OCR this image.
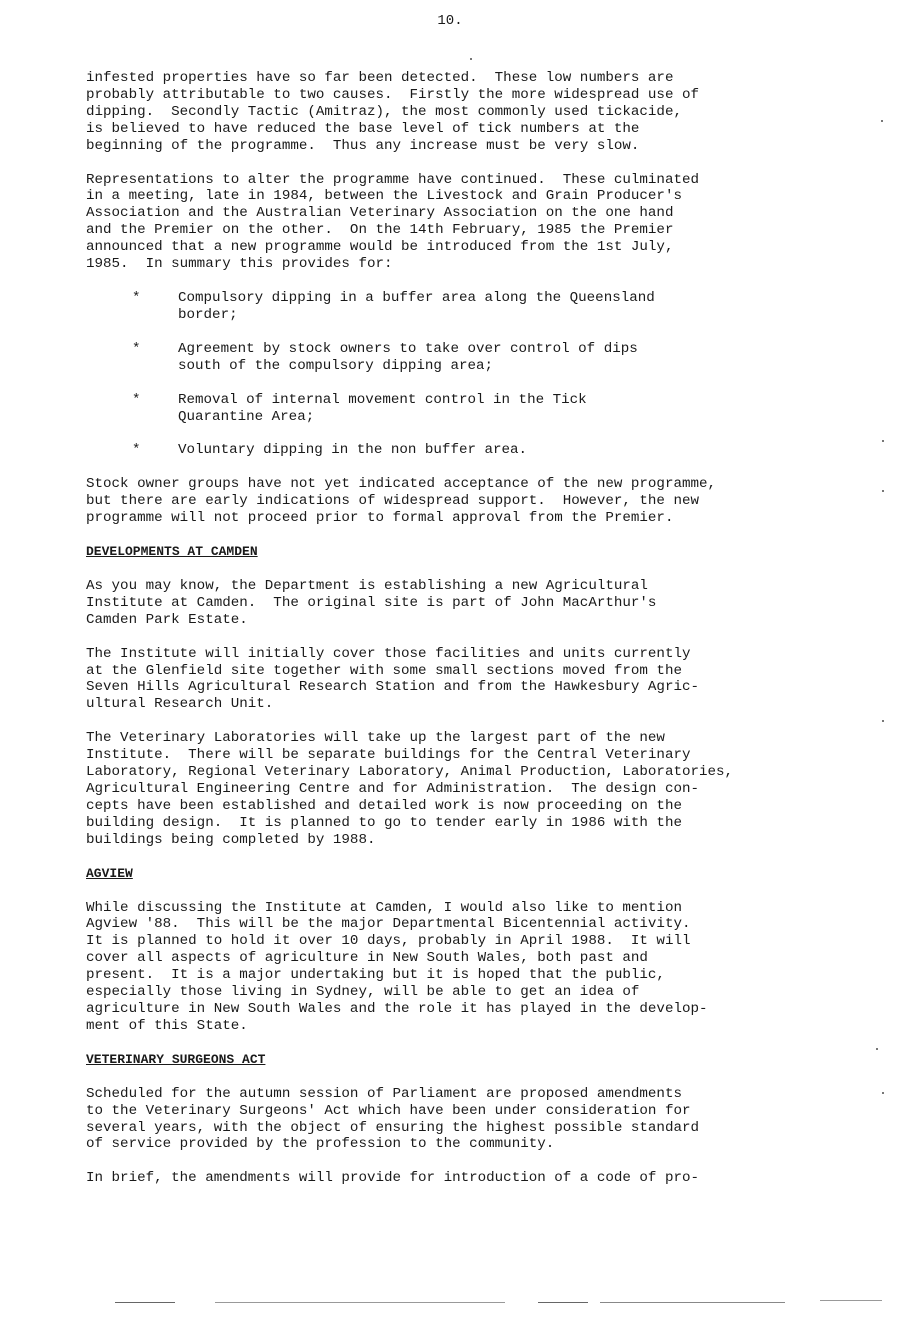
10.

infested properties have so far been detected.  These low numbers are
probably attributable to two causes.  Firstly the more widespread use of
dipping.  Secondly Tactic (Amitraz), the most commonly used tickacide,
is believed to have reduced the base level of tick numbers at the
beginning of the programme.  Thus any increase must be very slow.

Representations to alter the programme have continued.  These culminated
in a meeting, late in 1984, between the Livestock and Grain Producer's
Association and the Australian Veterinary Association on the one hand
and the Premier on the other.  On the 14th February, 1985 the Premier
announced that a new programme would be introduced from the 1st July,
1985.  In summary this provides for:

*	Compulsory dipping in a buffer area along the Queensland
border;
*	Agreement by stock owners to take over control of dips
south of the compulsory dipping area;
*	Removal of internal movement control in the Tick
Quarantine Area;
*	Voluntary dipping in the non buffer area.

Stock owner groups have not yet indicated acceptance of the new programme,
but there are early indications of widespread support.  However, the new
programme will not proceed prior to formal approval from the Premier.

DEVELOPMENTS AT CAMDEN

As you may know, the Department is establishing a new Agricultural
Institute at Camden.  The original site is part of John MacArthur's
Camden Park Estate.

The Institute will initially cover those facilities and units currently
at the Glenfield site together with some small sections moved from the
Seven Hills Agricultural Research Station and from the Hawkesbury Agric-
ultural Research Unit.

The Veterinary Laboratories will take up the largest part of the new
Institute.  There will be separate buildings for the Central Veterinary
Laboratory, Regional Veterinary Laboratory, Animal Production, Laboratories,
Agricultural Engineering Centre and for Administration.  The design con-
cepts have been established and detailed work is now proceeding on the
building design.  It is planned to go to tender early in 1986 with the
buildings being completed by 1988.

AGVIEW

While discussing the Institute at Camden, I would also like to mention
Agview '88.  This will be the major Departmental Bicentennial activity.
It is planned to hold it over 10 days, probably in April 1988.  It will
cover all aspects of agriculture in New South Wales, both past and
present.  It is a major undertaking but it is hoped that the public,
especially those living in Sydney, will be able to get an idea of
agriculture in New South Wales and the role it has played in the develop-
ment of this State.

VETERINARY SURGEONS ACT

Scheduled for the autumn session of Parliament are proposed amendments
to the Veterinary Surgeons' Act which have been under consideration for
several years, with the object of ensuring the highest possible standard
of service provided by the profession to the community.

In brief, the amendments will provide for introduction of a code of pro-
